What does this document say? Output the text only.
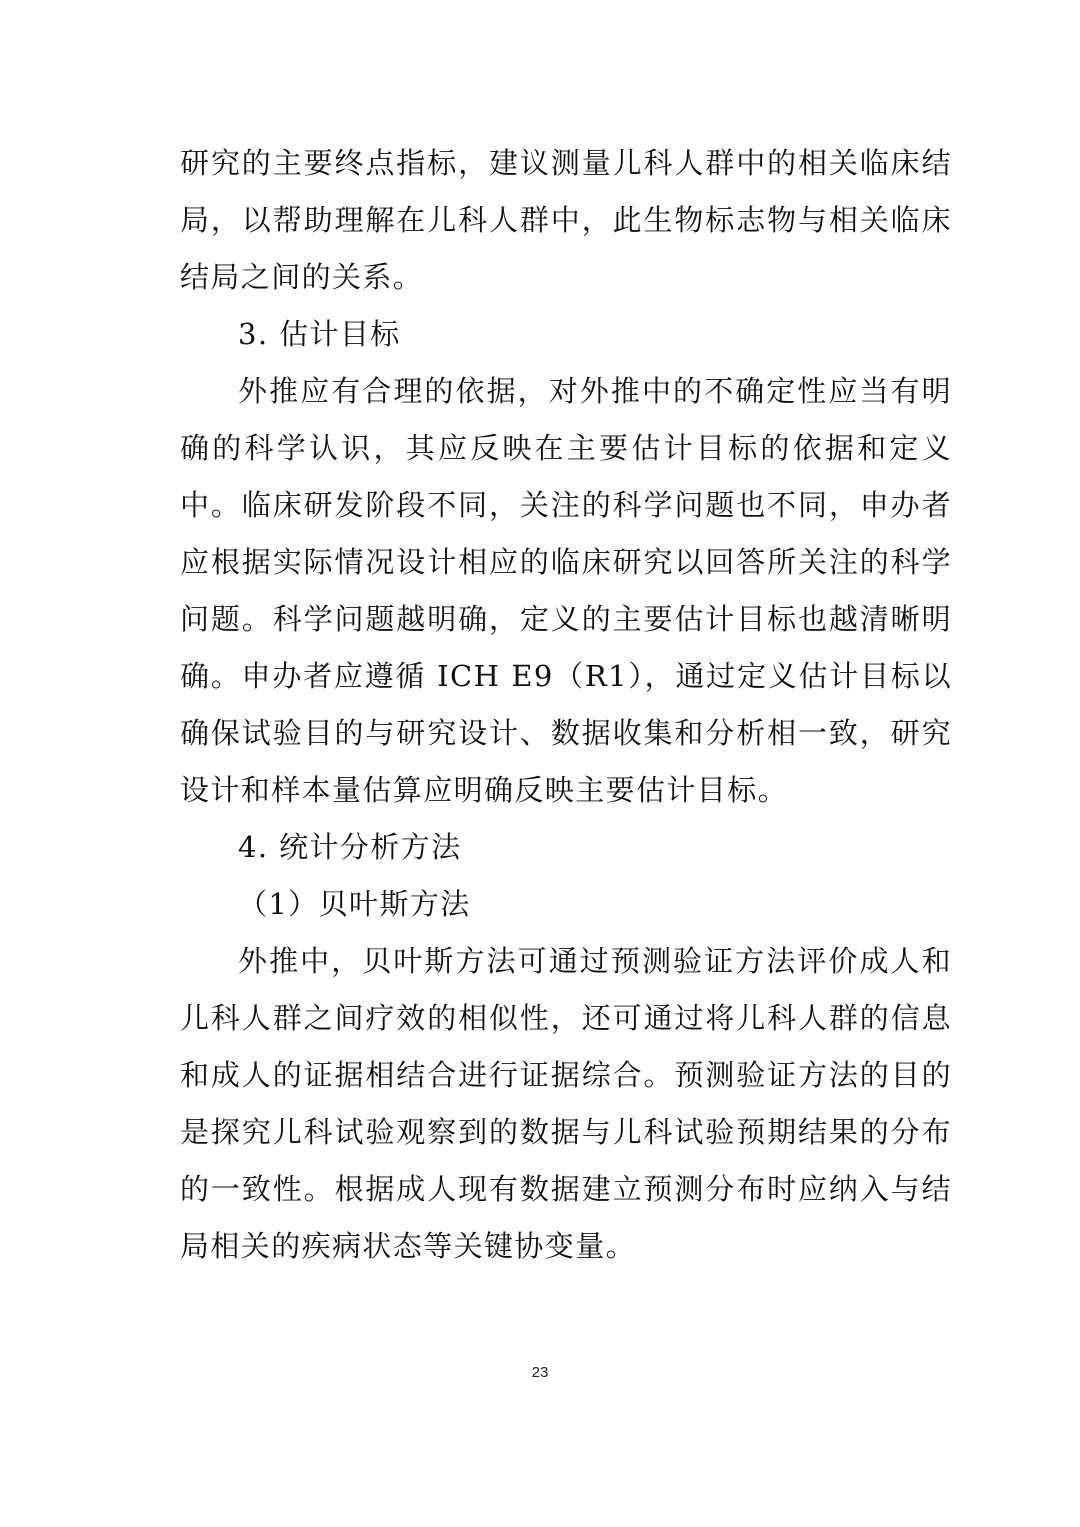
研究的主要终点指标，建议测量儿科人群中的相关临床结局，以帮助理解在儿科人群中，此生物标志物与相关临床结局之间的关系。

3. 估计目标

外推应有合理的依据，对外推中的不确定性应当有明确的科学认识，其应反映在主要估计目标的依据和定义中。临床研发阶段不同，关注的科学问题也不同，申办者应根据实际情况设计相应的临床研究以回答所关注的科学问题。科学问题越明确，定义的主要估计目标也越清晰明确。申办者应遵循 ICH E9（R1），通过定义估计目标以确保试验目的与研究设计、数据收集和分析相一致，研究设计和样本量估算应明确反映主要估计目标。

4. 统计分析方法

（1）贝叶斯方法

外推中，贝叶斯方法可通过预测验证方法评价成人和儿科人群之间疗效的相似性，还可通过将儿科人群的信息和成人的证据相结合进行证据综合。预测验证方法的目的是探究儿科试验观察到的数据与儿科试验预期结果的分布的一致性。根据成人现有数据建立预测分布时应纳入与结局相关的疾病状态等关键协变量。

23
